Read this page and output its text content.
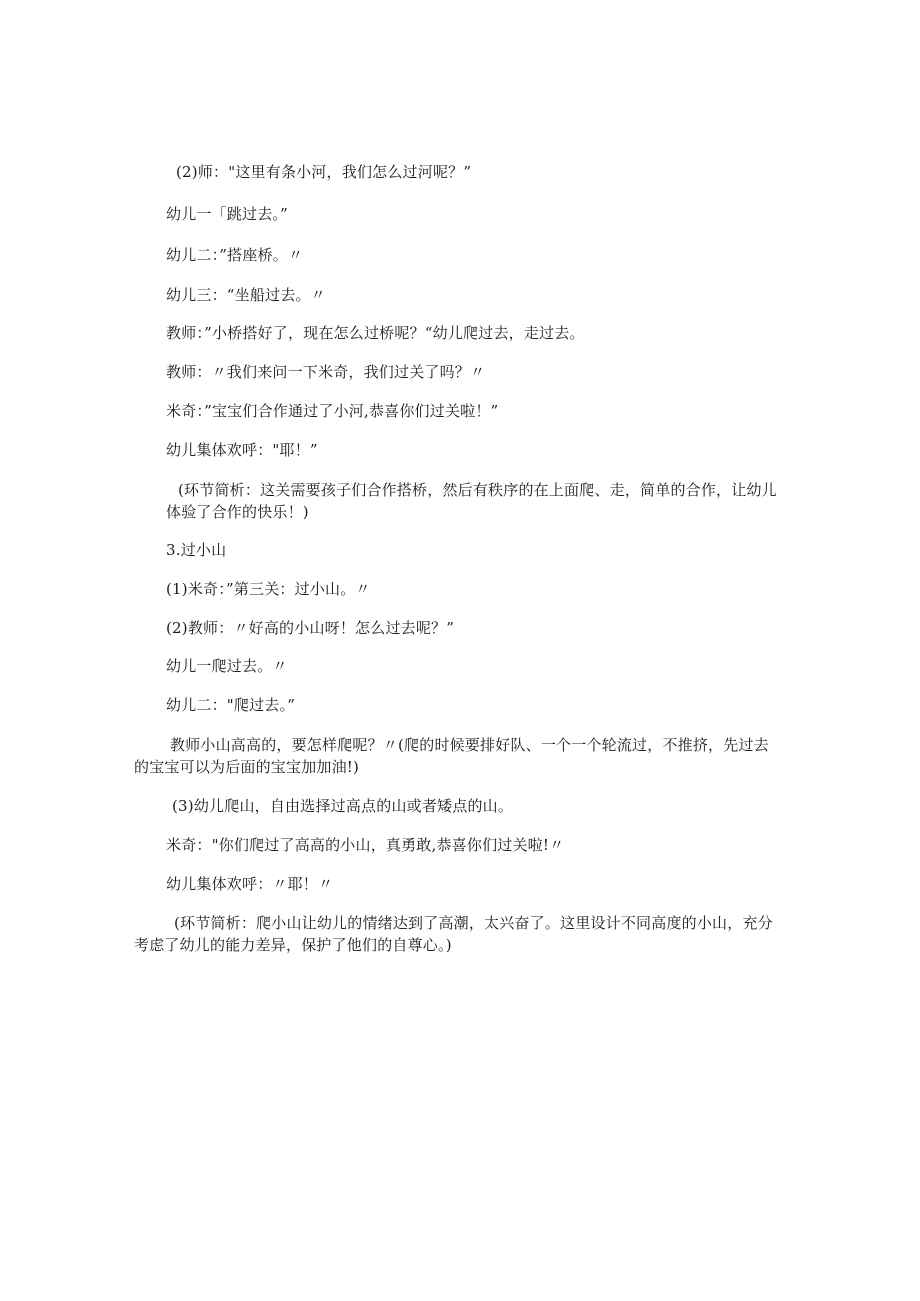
(2)师："这里有条小河，我们怎么过河呢？”
幼儿一「跳过去。”
幼儿二：”搭座桥。〃
幼儿三：“坐船过去。〃
教师：”小桥搭好了，现在怎么过桥呢？“幼儿爬过去，走过去。
教师：〃我们来问一下米奇，我们过关了吗？〃
米奇：”宝宝们合作通过了小河,恭喜你们过关啦！”
幼儿集体欢呼："耶！”
(环节简析：这关需要孩子们合作搭桥，然后有秩序的在上面爬、走，简单的合作，让幼儿
体验了合作的快乐！)
3.过小山
(1)米奇：”第三关：过小山。〃
(2)教师：〃好高的小山呀！怎么过去呢？”
幼儿一爬过去。〃
幼儿二："爬过去。”
教师小山高高的，要怎样爬呢？〃(爬的时候要排好队、一个一个轮流过，不推挤，先过去
的宝宝可以为后面的宝宝加加油!)
(3)幼儿爬山，自由选择过高点的山或者矮点的山。
米奇："你们爬过了高高的小山，真勇敢,恭喜你们过关啦!〃
幼儿集体欢呼：〃耶！〃
(环节简析：爬小山让幼儿的情绪达到了高潮，太兴奋了。这里设计不同高度的小山，充分
考虑了幼儿的能力差异，保护了他们的自尊心。)
